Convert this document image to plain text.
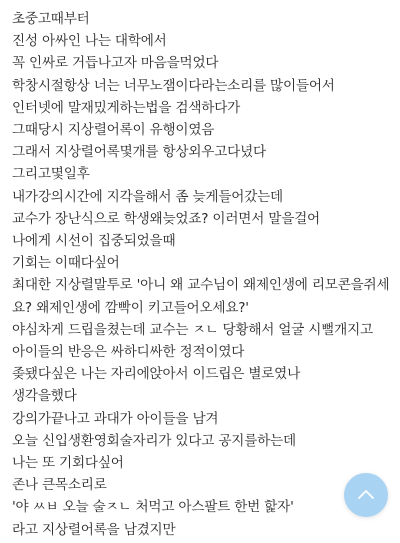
초중고때부터
진성 아싸인 나는 대학에서
꼭 인싸로 거듭나고자 마음을먹었다
학창시절항상 너는 너무노잼이다라는소리를 많이들어서
인터넷에 말재밌게하는법을 검색하다가
그때당시 지상렬어록이 유행이였음
그래서 지상렬어록몇개를 항상외우고다녔다
그리고몇일후
내가강의시간에 지각을해서 좀 늦게들어갔는데
교수가 장난식으로 학생왜늦었죠? 이러면서 말을걸어
나에게 시선이 집중되었을때
기회는 이때다싶어
최대한 지상렬말투로 '아니 왜 교수님이 왜제인생에 리모콘을쥐세요? 왜제인생에 깜빡이 키고들어오세요?'
야심차게 드립을쳤는데 교수는 ㅈㄴ 당황해서 얼굴 시뻘개지고
아이들의 반응은 싸하디싸한 정적이였다
좆됐다싶은 나는 자리에앉아서 이드립은 별로였나
생각을했다
강의가끝나고 과대가 아이들을 남겨
오늘 신입생환영회술자리가 있다고 공지를하는데
나는 또 기회다싶어
존나 큰목소리로
'야 ㅆㅂ 오늘 술ㅈㄴ 처먹고 아스팔트 한번 핥자'
라고 지상렬어록을 남겼지만
